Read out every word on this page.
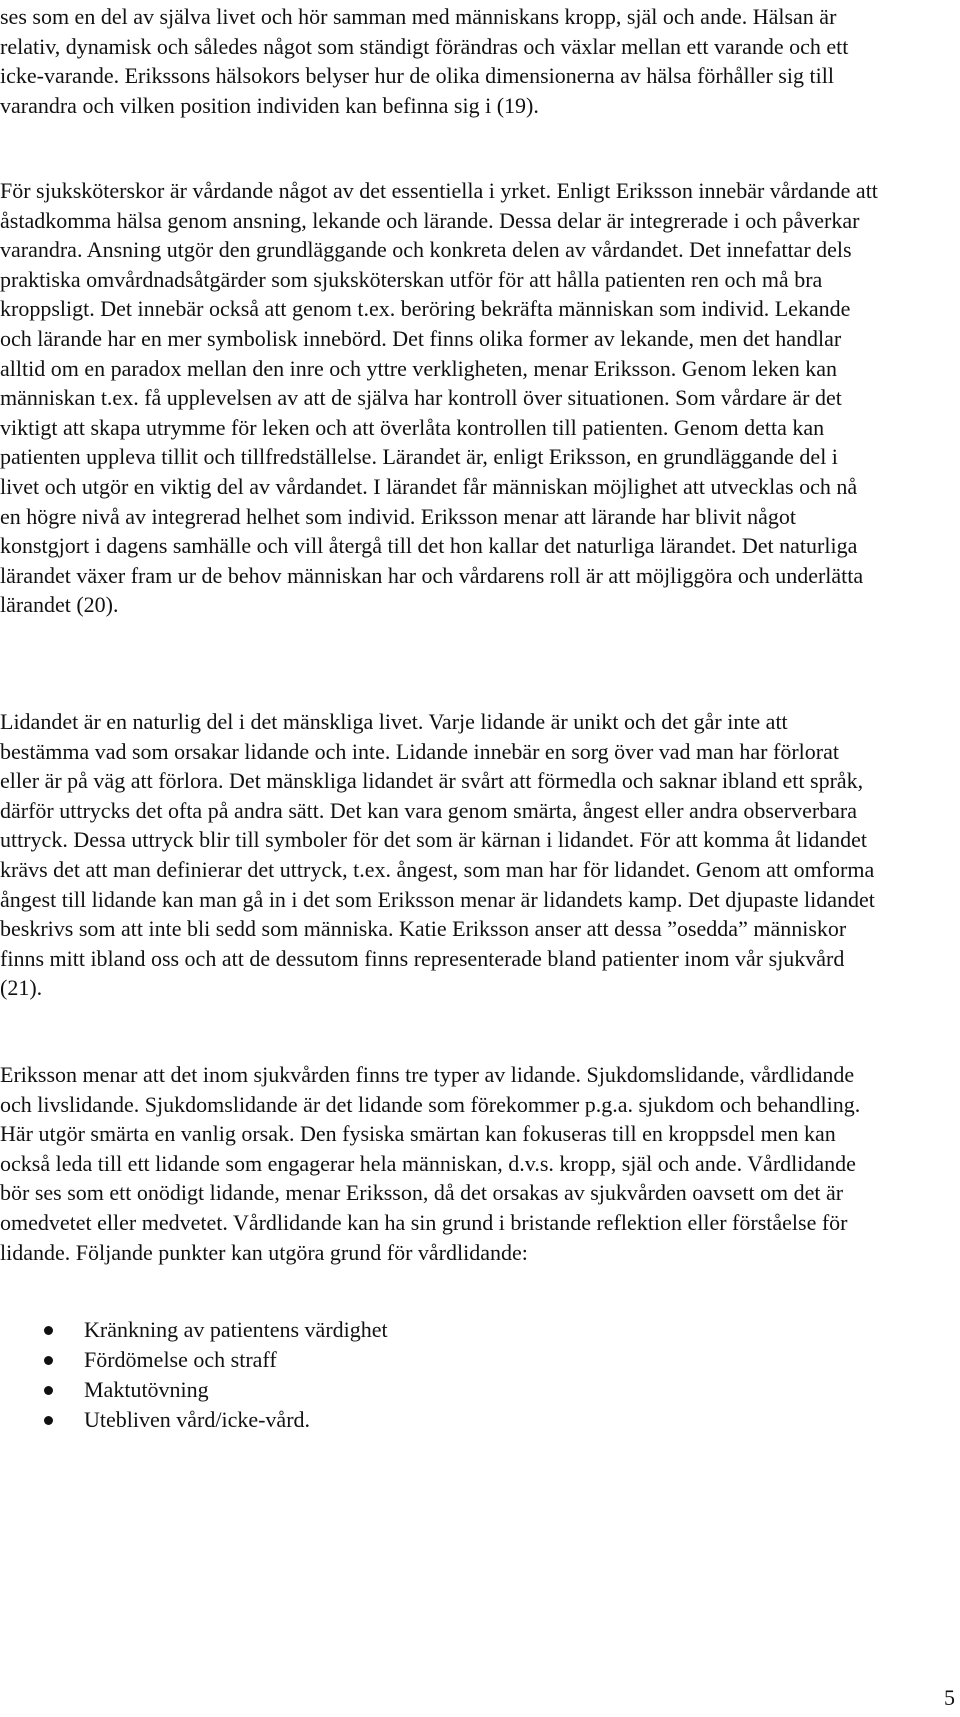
ses som en del av själva livet och hör samman med människans kropp, själ och ande. Hälsan är relativ, dynamisk och således något som ständigt förändras och växlar mellan ett varande och ett icke-varande. Erikssons hälsokors belyser hur de olika dimensionerna av hälsa förhåller sig till varandra och vilken position individen kan befinna sig i (19).

För sjuksköterskor är vårdande något av det essentiella i yrket. Enligt Eriksson innebär vårdande att åstadkomma hälsa genom ansning, lekande och lärande. Dessa delar är integrerade i och påverkar varandra. Ansning utgör den grundläggande och konkreta delen av vårdandet. Det innefattar dels praktiska omvårdnadsåtgärder som sjuksköterskan utför för att hålla patienten ren och må bra kroppsligt. Det innebär också att genom t.ex. beröring bekräfta människan som individ. Lekande och lärande har en mer symbolisk innebörd. Det finns olika former av lekande, men det handlar alltid om en paradox mellan den inre och yttre verkligheten, menar Eriksson. Genom leken kan människan t.ex. få upplevelsen av att de själva har kontroll över situationen. Som vårdare är det viktigt att skapa utrymme för leken och att överlåta kontrollen till patienten. Genom detta kan patienten uppleva tillit och tillfredställelse. Lärandet är, enligt Eriksson, en grundläggande del i livet och utgör en viktig del av vårdandet. I lärandet får människan möjlighet att utvecklas och nå en högre nivå av integrerad helhet som individ. Eriksson menar att lärande har blivit något konstgjort i dagens samhälle och vill återgå till det hon kallar det naturliga lärandet. Det naturliga lärandet växer fram ur de behov människan har och vårdarens roll är att möjliggöra och underlätta lärandet (20).

Lidandet är en naturlig del i det mänskliga livet. Varje lidande är unikt och det går inte att bestämma vad som orsakar lidande och inte. Lidande innebär en sorg över vad man har förlorat eller är på väg att förlora. Det mänskliga lidandet är svårt att förmedla och saknar ibland ett språk, därför uttrycks det ofta på andra sätt. Det kan vara genom smärta, ångest eller andra observerbara uttryck. Dessa uttryck blir till symboler för det som är kärnan i lidandet. För att komma åt lidandet krävs det att man definierar det uttryck, t.ex. ångest, som man har för lidandet. Genom att omforma ångest till lidande kan man gå in i det som Eriksson menar är lidandets kamp. Det djupaste lidandet beskrivs som att inte bli sedd som människa. Katie Eriksson anser att dessa ”osedda” människor finns mitt ibland oss och att de dessutom finns representerade bland patienter inom vår sjukvård (21).

Eriksson menar att det inom sjukvården finns tre typer av lidande. Sjukdomslidande, vårdlidande och livslidande. Sjukdomslidande är det lidande som förekommer p.g.a. sjukdom och behandling. Här utgör smärta en vanlig orsak. Den fysiska smärtan kan fokuseras till en kroppsdel men kan också leda till ett lidande som engagerar hela människan, d.v.s. kropp, själ och ande. Vårdlidande bör ses som ett onödigt lidande, menar Eriksson, då det orsakas av sjukvården oavsett om det är omedvetet eller medvetet. Vårdlidande kan ha sin grund i bristande reflektion eller förståelse för lidande. Följande punkter kan utgöra grund för vårdlidande:

Kränkning av patientens värdighet
Fördömelse och straff
Maktutövning
Utebliven vård/icke-vård.
5
